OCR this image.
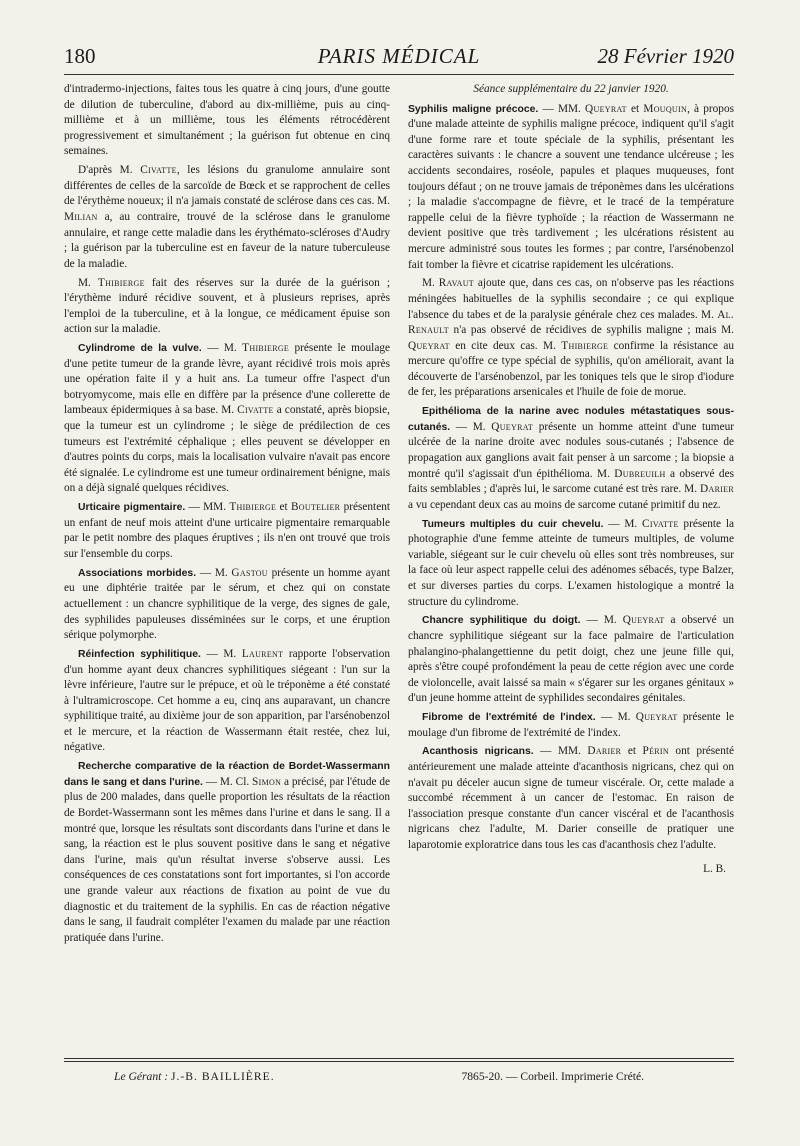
180	PARIS MÉDICAL	28 Février 1920

d'intradermo-injections, faites tous les quatre à cinq jours, d'une goutte de dilution de tuberculine, d'abord au dix-millième, puis au cinq-millième et à un millième, tous les éléments rétrocédèrent progressivement et simultanément ; la guérison fut obtenue en cinq semaines.

D'après M. Civatte, les lésions du granulome annulaire sont différentes de celles de la sarcoïde de Bœck et se rapprochent de celles de l'érythème noueux; il n'a jamais constaté de sclérose dans ces cas. M. Milian a, au contraire, trouvé de la sclérose dans le granulome annulaire, et range cette maladie dans les érythémato-scléroses d'Audry ; la guérison par la tuberculine est en faveur de la nature tuberculeuse de la maladie.

M. Thibierge fait des réserves sur la durée de la guérison ; l'érythème induré récidive souvent, et à plusieurs reprises, après l'emploi de la tuberculine, et à la longue, ce médicament épuise son action sur la maladie.

Cylindrome de la vulve. — M. Thibierge présente le moulage d'une petite tumeur de la grande lèvre, ayant récidivé trois mois après une opération faite il y a huit ans. La tumeur offre l'aspect d'un botryomycome, mais elle en diffère par la présence d'une collerette de lambeaux épidermiques à sa base. M. Civatte a constaté, après biopsie, que la tumeur est un cylindrome ; le siège de prédilection de ces tumeurs est l'extrémité céphalique ; elles peuvent se développer en d'autres points du corps, mais la localisation vulvaire n'avait pas encore été signalée. Le cylindrome est une tumeur ordinairement bénigne, mais on a déjà signalé quelques récidives.

Urticaire pigmentaire. — MM. Thibierge et Boutelier présentent un enfant de neuf mois atteint d'une urticaire pigmentaire remarquable par le petit nombre des plaques éruptives ; ils n'en ont trouvé que trois sur l'ensemble du corps.

Associations morbides. — M. Gastou présente un homme ayant eu une diphtérie traitée par le sérum, et chez qui on constate actuellement : un chancre syphilitique de la verge, des signes de gale, des syphilides papuleuses disséminées sur le corps, et une éruption sérique polymorphe.

Réinfection syphilitique. — M. Laurent rapporte l'observation d'un homme ayant deux chancres syphilitiques siégeant : l'un sur la lèvre inférieure, l'autre sur le prépuce, et où le tréponème a été constaté à l'ultramicroscope. Cet homme a eu, cinq ans auparavant, un chancre syphilitique traité, au dixième jour de son apparition, par l'arsénobenzol et le mercure, et la réaction de Wassermann était restée, chez lui, négative.

Recherche comparative de la réaction de Bordet-Wassermann dans le sang et dans l'urine. — M. Cl. Simon a précisé, par l'étude de plus de 200 malades, dans quelle proportion les résultats de la réaction de Bordet-Wassermann sont les mêmes dans l'urine et dans le sang. Il a montré que, lorsque les résultats sont discordants dans l'urine et dans le sang, la réaction est le plus souvent positive dans le sang et négative dans l'urine, mais qu'un résultat inverse s'observe aussi. Les conséquences de ces constatations sont fort importantes, si l'on accorde une grande valeur aux réactions de fixation au point de vue du diagnostic et du traitement de la syphilis. En cas de réaction négative dans le sang, il faudrait compléter l'examen du malade par une réaction pratiquée dans l'urine.

Séance supplémentaire du 22 janvier 1920.

Syphilis maligne précoce. — MM. Queyrat et Mouquin, à propos d'une malade atteinte de syphilis maligne précoce, indiquent qu'il s'agit d'une forme rare et toute spéciale de la syphilis, présentant les caractères suivants : le chancre a souvent une tendance ulcéreuse ; les accidents secondaires, roséole, papules et plaques muqueuses, font toujours défaut ; on ne trouve jamais de tréponèmes dans les ulcérations ; la maladie s'accompagne de fièvre, et le tracé de la température rappelle celui de la fièvre typhoïde ; la réaction de Wassermann ne devient positive que très tardivement ; les ulcérations résistent au mercure administré sous toutes les formes ; par contre, l'arsénobenzol fait tomber la fièvre et cicatrise rapidement les ulcérations.

M. Ravaut ajoute que, dans ces cas, on n'observe pas les réactions méningées habituelles de la syphilis secondaire ; ce qui explique l'absence du tabes et de la paralysie générale chez ces malades. M. Al. Renault n'a pas observé de récidives de syphilis maligne ; mais M. Queyrat en cite deux cas. M. Thibierge confirme la résistance au mercure qu'offre ce type spécial de syphilis, qu'on améliorait, avant la découverte de l'arsénobenzol, par les toniques tels que le sirop d'iodure de fer, les préparations arsenicales et l'huile de foie de morue.

Epithélioma de la narine avec nodules métastatiques sous-cutanés. — M. Queyrat présente un homme atteint d'une tumeur ulcérée de la narine droite avec nodules sous-cutanés ; l'absence de propagation aux ganglions avait fait penser à un sarcome ; la biopsie a montré qu'il s'agissait d'un épithélioma. M. Dubreuilh a observé des faits semblables ; d'après lui, le sarcome cutané est très rare. M. Darier a vu cependant deux cas au moins de sarcome cutané primitif du nez.

Tumeurs multiples du cuir chevelu. — M. Civatte présente la photographie d'une femme atteinte de tumeurs multiples, de volume variable, siégeant sur le cuir chevelu où elles sont très nombreuses, sur la face où leur aspect rappelle celui des adénomes sébacés, type Balzer, et sur diverses parties du corps. L'examen histologique a montré la structure du cylindrome.

Chancre syphilitique du doigt. — M. Queyrat a observé un chancre syphilitique siégeant sur la face palmaire de l'articulation phalangino-phalangettienne du petit doigt, chez une jeune fille qui, après s'être coupé profondément la peau de cette région avec une corde de violoncelle, avait laissé sa main « s'égarer sur les organes génitaux » d'un jeune homme atteint de syphilides secondaires génitales.

Fibrome de l'extrémité de l'index. — M. Queyrat présente le moulage d'un fibrome de l'extrémité de l'index.

Acanthosis nigricans. — MM. Darier et Périn ont présenté antérieurement une malade atteinte d'acanthosis nigricans, chez qui on n'avait pu déceler aucun signe de tumeur viscérale. Or, cette malade a succombé récemment à un cancer de l'estomac. En raison de l'association presque constante d'un cancer viscéral et de l'acanthosis nigricans chez l'adulte, M. Darier conseille de pratiquer une laparotomie exploratrice dans tous les cas d'acanthosis chez l'adulte.

L. B.
Le Gérant : J.-B. BAILLIÈRE.	7865-20. — Corbeil. Imprimerie Crété.
